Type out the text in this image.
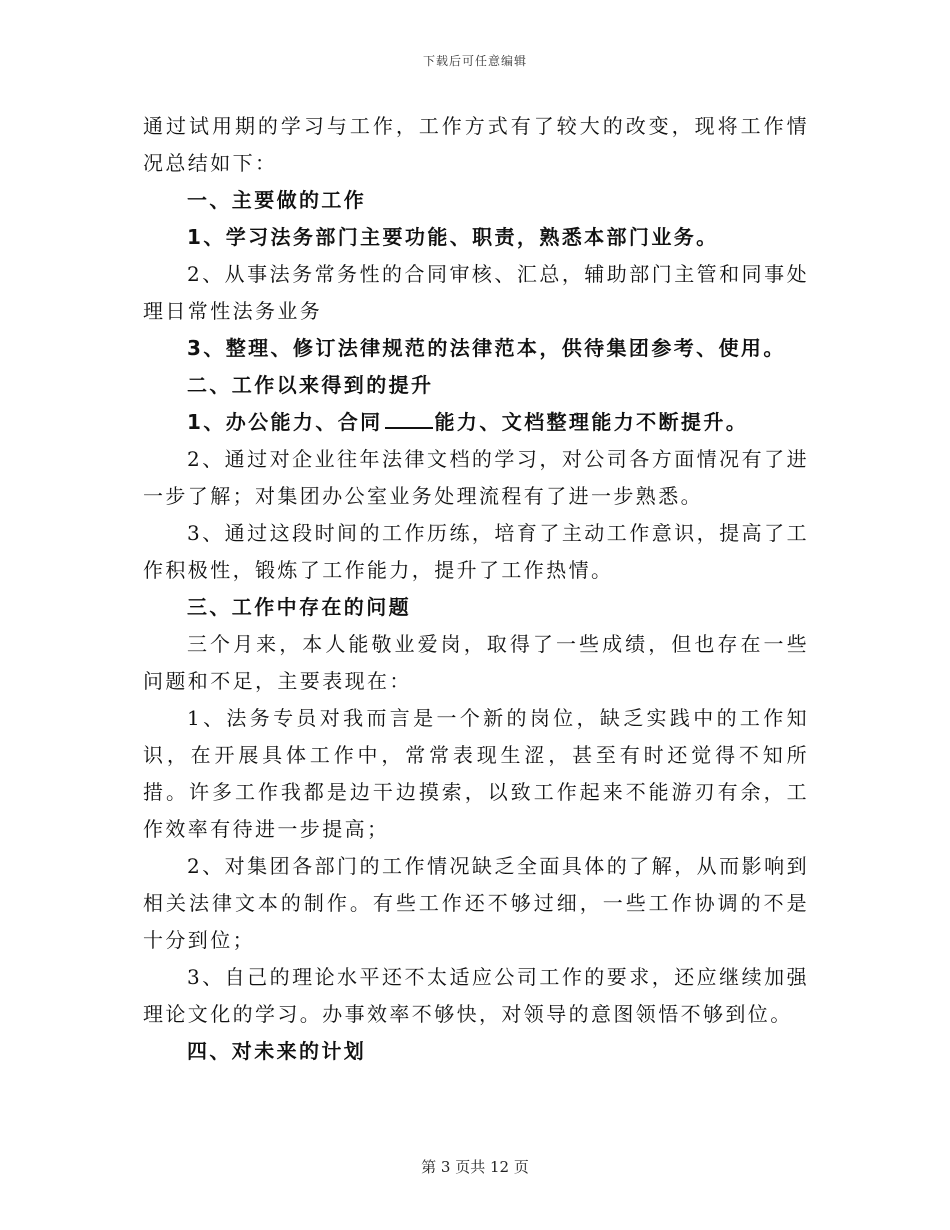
下载后可任意编辑

通过试用期的学习与工作，工作方式有了较大的改变，现将工作情况总结如下：

一、主要做的工作

1、学习法务部门主要功能、职责，熟悉本部门业务。

2、从事法务常务性的合同审核、汇总，辅助部门主管和同事处理日常性法务业务

3、整理、修订法律规范的法律范本，供待集团参考、使用。

二、工作以来得到的提升

1、办公能力、合同	能力、文档整理能力不断提升。

2、通过对企业往年法律文档的学习，对公司各方面情况有了进一步了解；对集团办公室业务处理流程有了进一步熟悉。

3、通过这段时间的工作历练，培育了主动工作意识，提高了工作积极性，锻炼了工作能力，提升了工作热情。

三、工作中存在的问题

三个月来，本人能敬业爱岗，取得了一些成绩，但也存在一些问题和不足，主要表现在：

1、法务专员对我而言是一个新的岗位，缺乏实践中的工作知识，在开展具体工作中，常常表现生涩，甚至有时还觉得不知所措。许多工作我都是边干边摸索，以致工作起来不能游刃有余，工作效率有待进一步提高；

2、对集团各部门的工作情况缺乏全面具体的了解，从而影响到相关法律文本的制作。有些工作还不够过细，一些工作协调的不是十分到位；

3、自己的理论水平还不太适应公司工作的要求，还应继续加强理论文化的学习。办事效率不够快，对领导的意图领悟不够到位。

四、对未来的计划

第 3 页共 12 页
